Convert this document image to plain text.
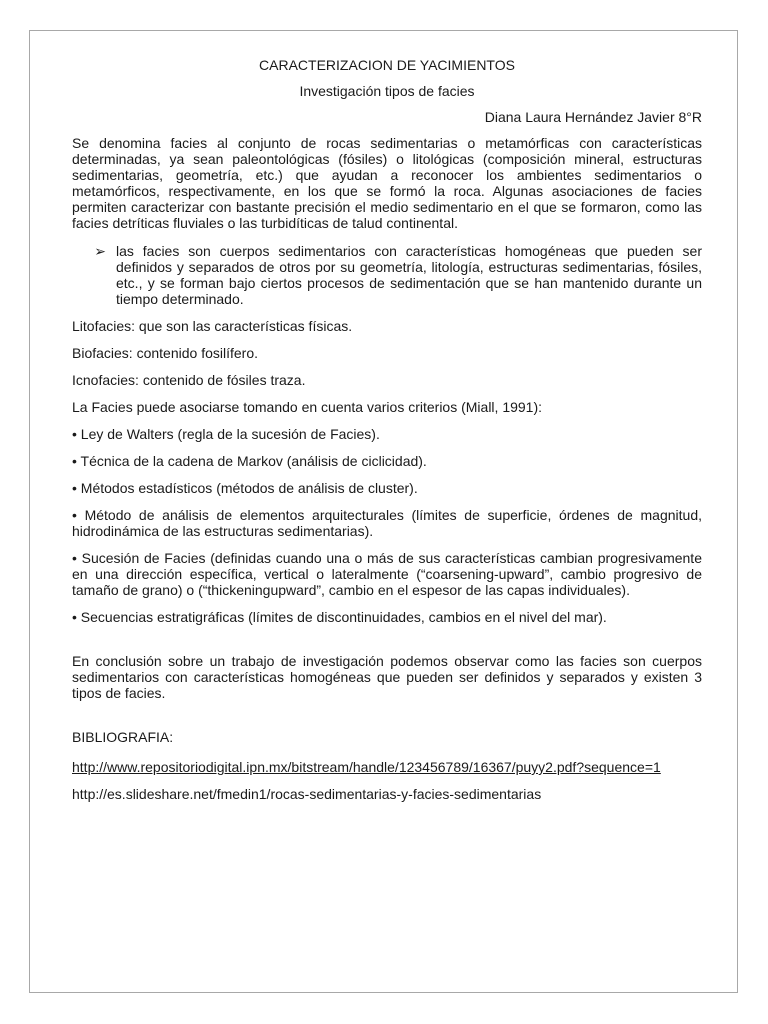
CARACTERIZACION DE YACIMIENTOS

Investigación tipos de facies

Diana Laura Hernández Javier 8°R

Se denomina facies al conjunto de rocas sedimentarias o metamórficas con características determinadas, ya sean paleontológicas (fósiles) o litológicas (composición mineral, estructuras sedimentarias, geometría, etc.) que ayudan a reconocer los ambientes sedimentarios o metamórficos, respectivamente, en los que se formó la roca. Algunas asociaciones de facies permiten caracterizar con bastante precisión el medio sedimentario en el que se formaron, como las facies detríticas fluviales o las turbidíticas de talud continental.

➢ las facies son cuerpos sedimentarios con características homogéneas que pueden ser definidos y separados de otros por su geometría, litología, estructuras sedimentarias, fósiles, etc., y se forman bajo ciertos procesos de sedimentación que se han mantenido durante un tiempo determinado.

Litofacies: que son las características físicas.

Biofacies: contenido fosilífero.

Icnofacies: contenido de fósiles traza.

La Facies puede asociarse tomando en cuenta varios criterios (Miall, 1991):

• Ley de Walters (regla de la sucesión de Facies).

• Técnica de la cadena de Markov (análisis de ciclicidad).

• Métodos estadísticos (métodos de análisis de cluster).

• Método de análisis de elementos arquitecturales (límites de superficie, órdenes de magnitud, hidrodinámica de las estructuras sedimentarias).

• Sucesión de Facies (definidas cuando una o más de sus características cambian progresivamente en una dirección específica, vertical o lateralmente (“coarsening-upward”, cambio progresivo de tamaño de grano) o (“thickeningupward”, cambio en el espesor de las capas individuales).

• Secuencias estratigráficas (límites de discontinuidades, cambios en el nivel del mar).

En conclusión sobre un trabajo de investigación podemos observar como las facies son cuerpos sedimentarios con características homogéneas que pueden ser definidos y separados y existen 3 tipos de facies.

BIBLIOGRAFIA:

http://www.repositoriodigital.ipn.mx/bitstream/handle/123456789/16367/puyy2.pdf?sequence=1

http://es.slideshare.net/fmedin1/rocas-sedimentarias-y-facies-sedimentarias
